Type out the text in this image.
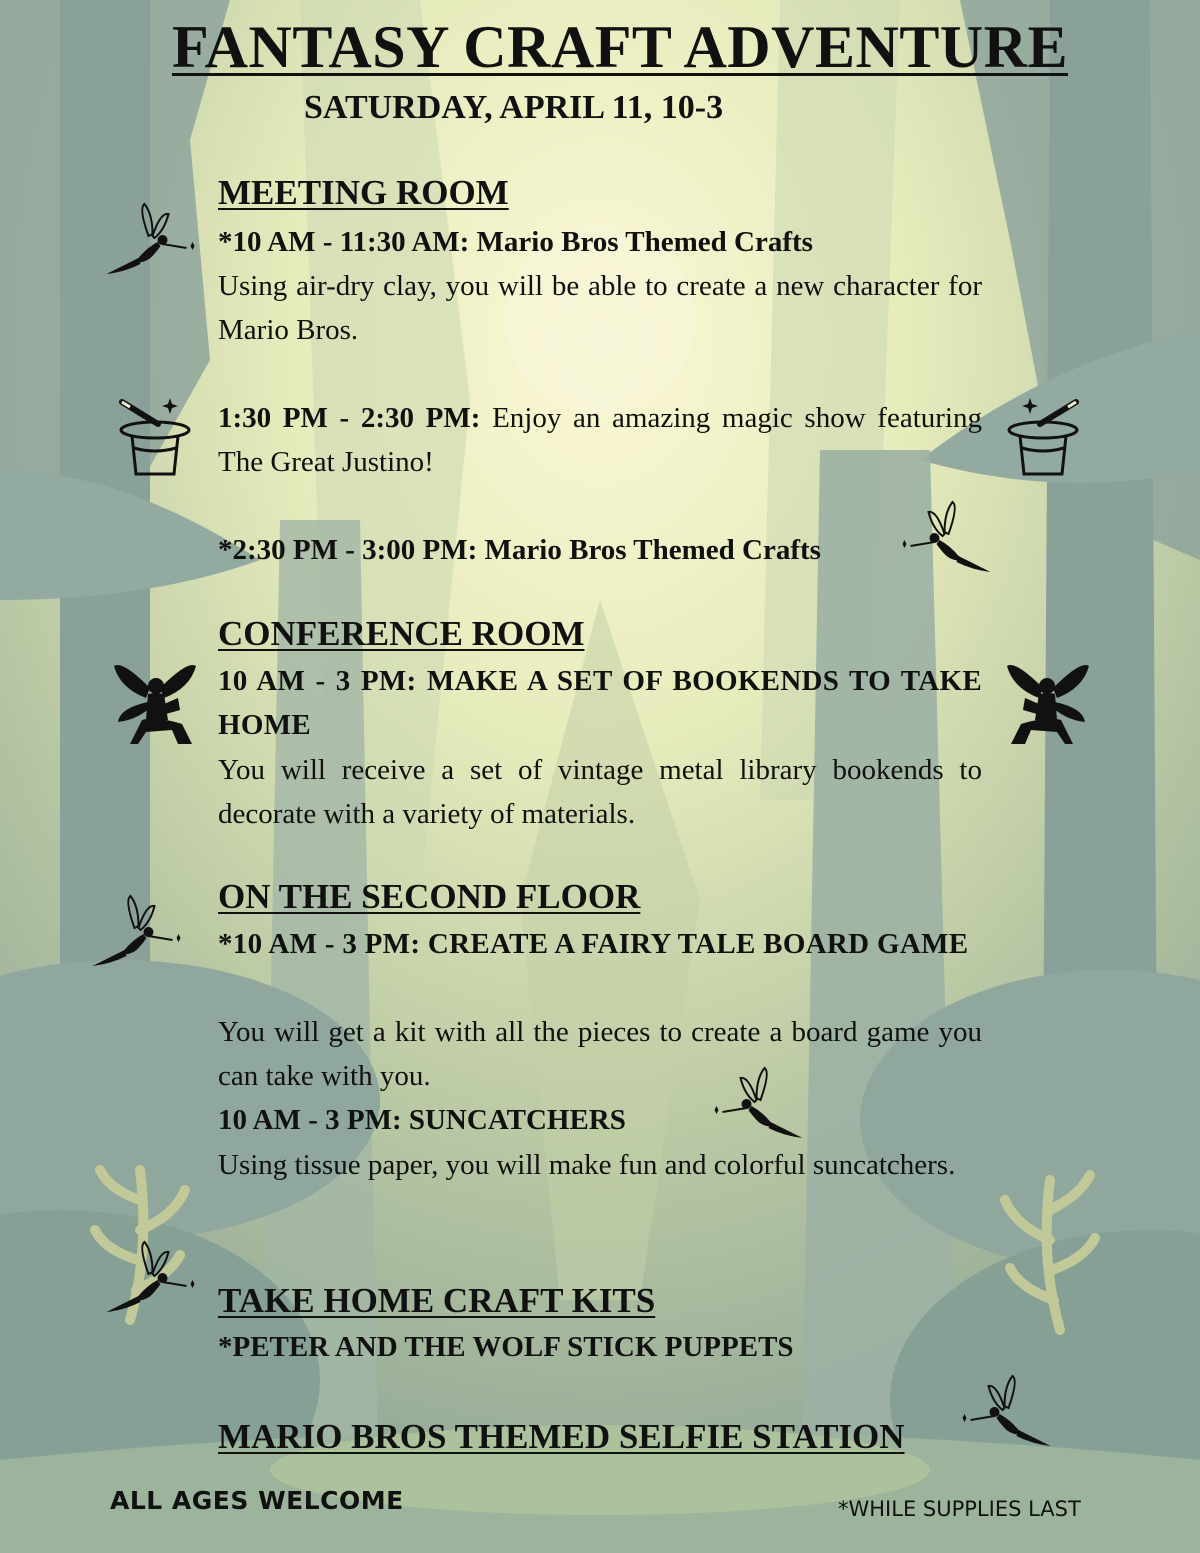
FANTASY CRAFT ADVENTURE
SATURDAY, APRIL 11, 10-3
MEETING ROOM
*10 AM - 11:30 AM: Mario Bros Themed Crafts
Using air-dry clay, you will be able to create a new character for Mario Bros.
1:30 PM - 2:30 PM: Enjoy an amazing magic show featuring The Great Justino!
*2:30 PM - 3:00 PM: Mario Bros Themed Crafts
CONFERENCE ROOM
10 AM - 3 PM: MAKE A SET OF BOOKENDS TO TAKE HOME
You will receive a set of vintage metal library bookends to decorate with a variety of materials.
ON THE SECOND FLOOR
*10 AM - 3 PM: CREATE A FAIRY TALE BOARD GAME
You will get a kit with all the pieces to create a board game you can take with you.
10 AM - 3 PM: SUNCATCHERS
Using tissue paper, you will make fun and colorful suncatchers.
TAKE HOME CRAFT KITS
*PETER AND THE WOLF STICK PUPPETS
MARIO BROS THEMED SELFIE STATION
ALL AGES WELCOME	*WHILE SUPPLIES LAST
